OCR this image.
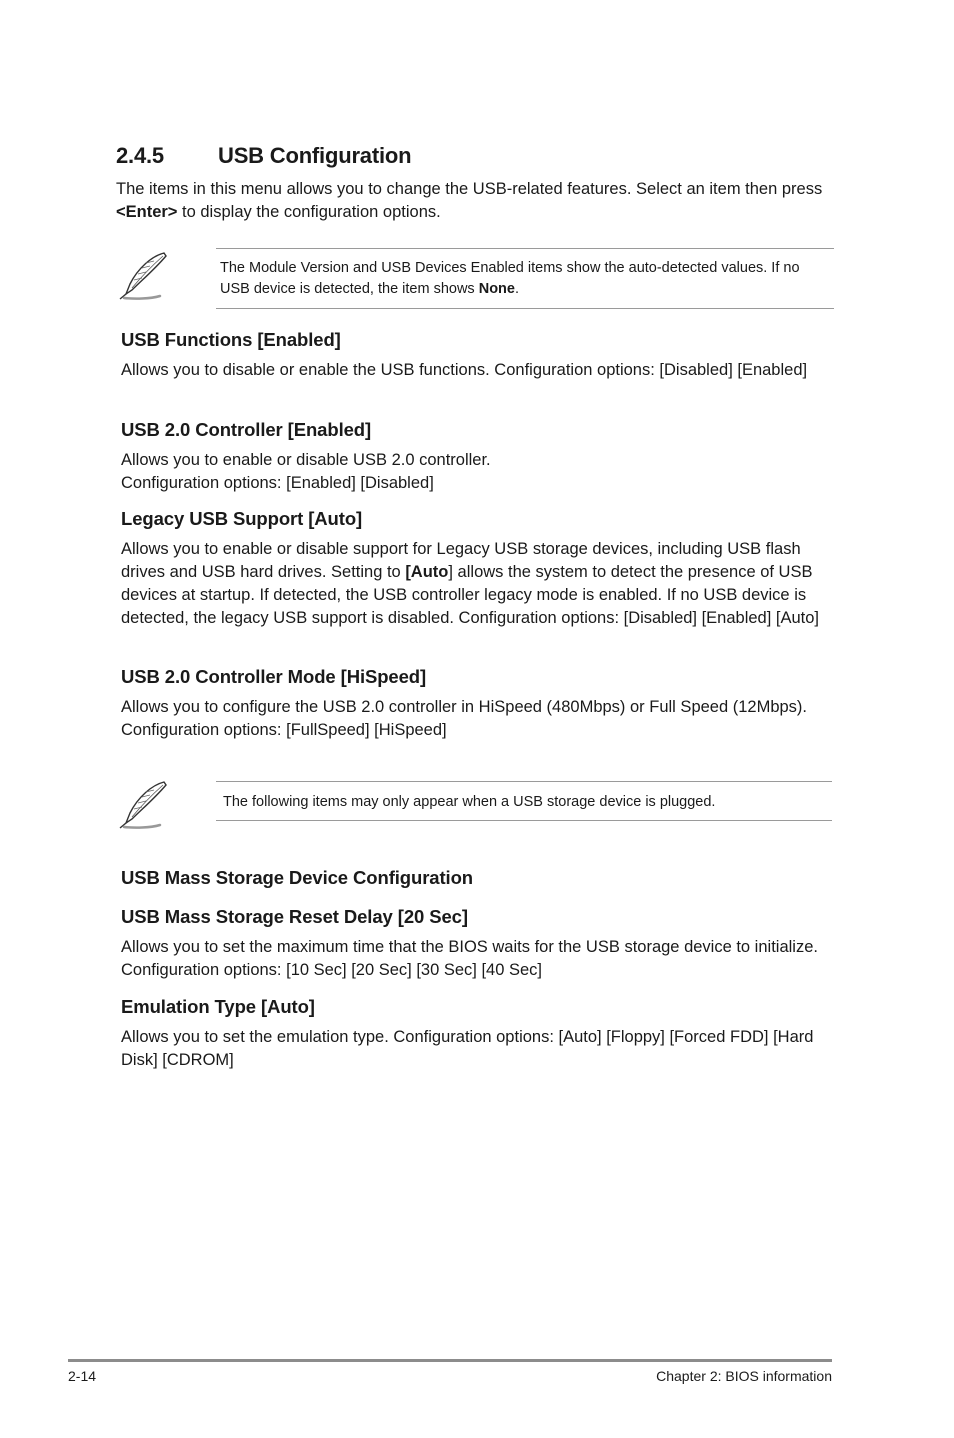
2.4.5 USB Configuration
The items in this menu allows you to change the USB-related features. Select an item then press <Enter> to display the configuration options.
The Module Version and USB Devices Enabled items show the auto-detected values. If no USB device is detected, the item shows None.
USB Functions [Enabled]
Allows you to disable or enable the USB functions. Configuration options: [Disabled] [Enabled]
USB 2.0 Controller [Enabled]
Allows you to enable or disable USB 2.0 controller.
Configuration options: [Enabled] [Disabled]
Legacy USB Support [Auto]
Allows you to enable or disable support for Legacy USB storage devices, including USB flash drives and USB hard drives. Setting to [Auto] allows the system to detect the presence of USB devices at startup. If detected, the USB controller legacy mode is enabled. If no USB device is detected, the legacy USB support is disabled. Configuration options: [Disabled] [Enabled] [Auto]
USB 2.0 Controller Mode [HiSpeed]
Allows you to configure the USB 2.0 controller in HiSpeed (480Mbps) or Full Speed (12Mbps). Configuration options: [FullSpeed] [HiSpeed]
The following items may only appear when a USB storage device is plugged.
USB Mass Storage Device Configuration
USB Mass Storage Reset Delay [20 Sec]
Allows you to set the maximum time that the BIOS waits for the USB storage device to initialize. Configuration options: [10 Sec] [20 Sec] [30 Sec] [40 Sec]
Emulation Type [Auto]
Allows you to set the emulation type. Configuration options: [Auto] [Floppy] [Forced FDD] [Hard Disk] [CDROM]
2-14	Chapter 2: BIOS information
